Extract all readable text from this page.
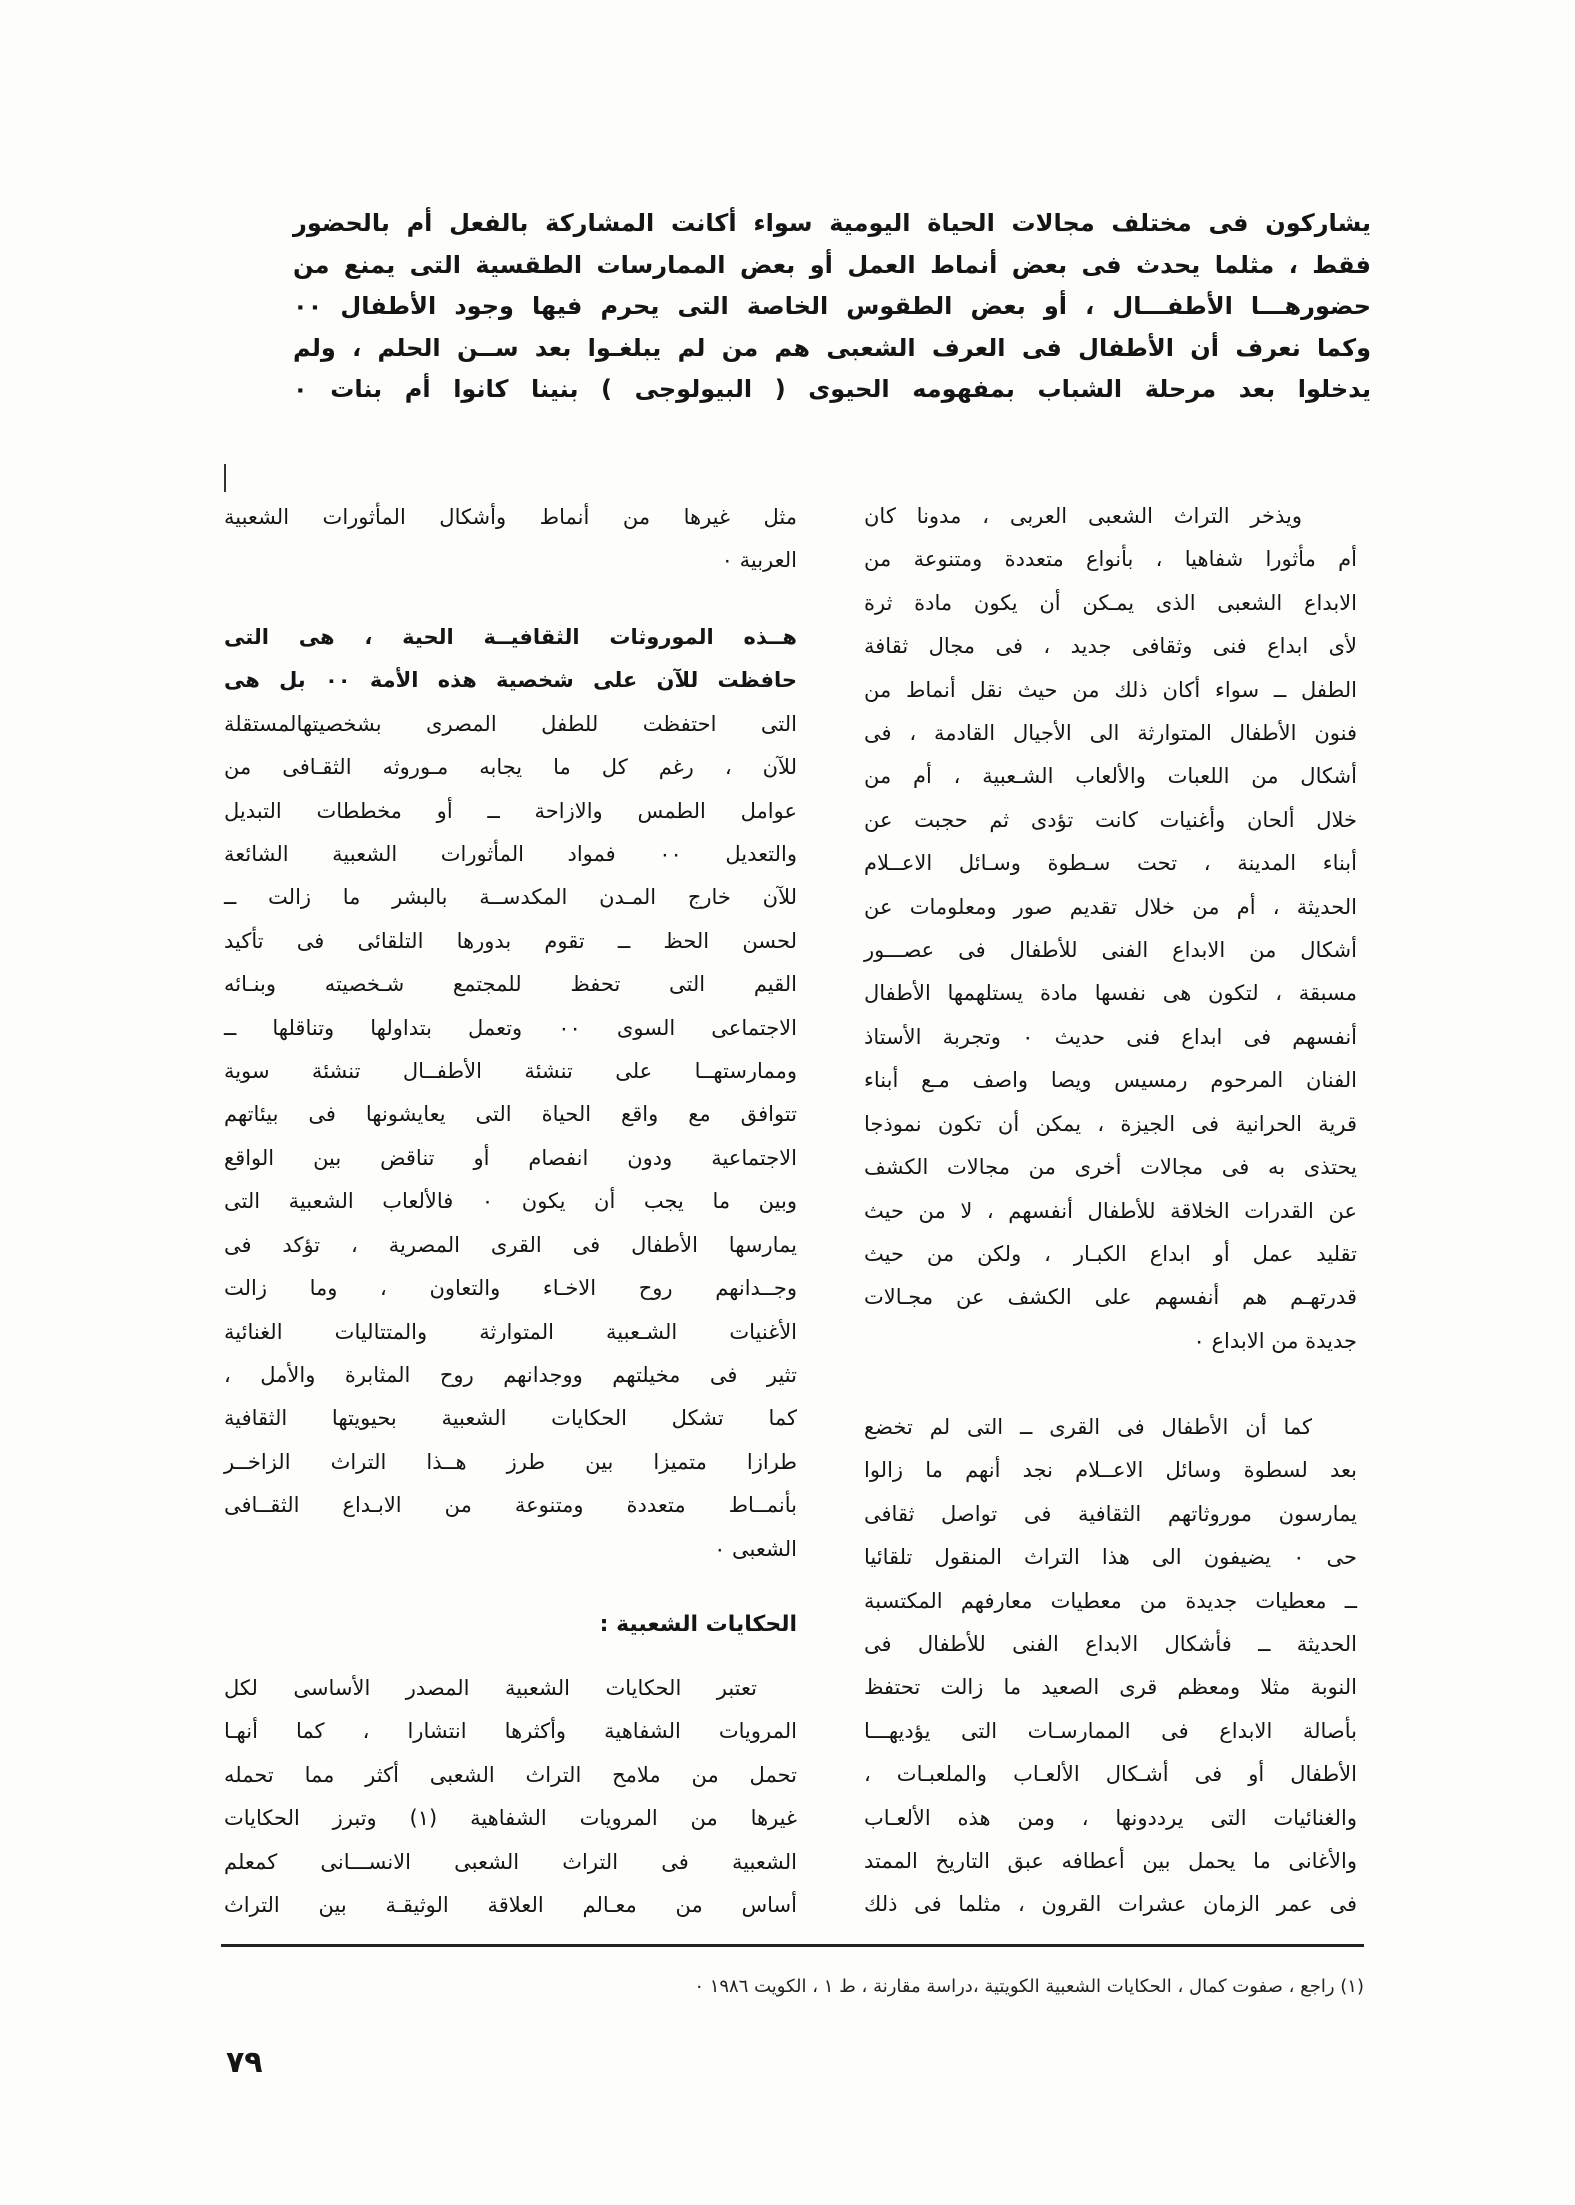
يشاركون فى مختلف مجالات الحياة اليومية سواء أكانت المشاركة بالفعل أم بالحضور
فقط ، مثلما يحدث فى بعض أنماط العمل أو بعض الممارسات الطقسية التى يمنع من
حضورهـــا الأطفـــال ، أو بعض الطقوس الخاصة التى يحرم فيها وجود الأطفال ٠٠
وكما نعرف أن الأطفال فى العرف الشعبى هم من لم يبلغـوا بعد ســن الحلم ، ولم
يدخلوا بعد مرحلة الشباب بمفهومه الحيوى ( البيولوجى ) بنينا كانوا أم بنات ٠
ويذخر التراث الشعبى العربى ، مدونا كان
أم مأثورا شفاهيا ، بأنواع متعددة ومتنوعة من
الابداع الشعبى الذى يمـكن أن يكون مادة ثرة
لأى ابداع فنى وثقافى جديد ، فى مجال ثقافة
الطفل ــ سواء أكان ذلك من حيث نقل أنماط من
فنون الأطفال المتوارثة الى الأجيال القادمة ، فى
أشكال من اللعبات والألعاب الشـعبية ، أم من
خلال ألحان وأغنيات كانت تؤدى ثم حجبت عن
أبناء المدينة ، تحت سـطوة وسـائل الاعــلام
الحديثة ، أم من خلال تقديم صور ومعلومات عن
أشكال من الابداع الفنى للأطفال فى عصـــور
مسبقة ، لتكون هى نفسها مادة يستلهمها الأطفال
أنفسهم فى ابداع فنى حديث ٠ وتجربة الأستاذ
الفنان المرحوم رمسيس ويصا واصف مـع أبناء
قرية الحرانية فى الجيزة ، يمكن أن تكون نموذجا
يحتذى به فى مجالات أخرى من مجالات الكشف
عن القدرات الخلاقة للأطفال أنفسهم ، لا من حيث
تقليد عمل أو ابداع الكبـار ، ولكن من حيث
قدرتهـم هم أنفسهم على الكشف عن مجـالات
جديدة من الابداع ٠
كما أن الأطفال فى القرى ــ التى لم تخضع
بعد لسطوة وسائل الاعــلام نجد أنهم ما زالوا
يمارسون موروثاتهم الثقافية فى تواصل ثقافى
حى ٠ يضيفون الى هذا التراث المنقول تلقائيا
ــ معطيات جديدة من معطيات معارفهم المكتسبة
الحديثة ــ فأشكال الابداع الفنى للأطفال فى
النوبة مثلا ومعظم قرى الصعيد ما زالت تحتفظ
بأصالة الابداع فى الممارسـات التى يؤديهـــا
الأطفال أو فى أشـكال الألعـاب والملعبـات ،
والغنائيات التى يرددونها ، ومن هذه الألعـاب
والأغانى ما يحمل بين أعطافه عبق التاريخ الممتد
فى عمر الزمان عشرات القرون ، مثلما فى ذلك
مثل غيرها من أنماط وأشكال المأثورات الشعبية
العربية ٠
هــذه الموروثات الثقافيــة الحية ، هى التى
حافظت للآن على شخصية هذه الأمة ٠٠ بل هى
التى احتفظت للطفل المصرى بشخصيتهالمستقلة
للآن ، رغم كل ما يجابه مـوروثه الثقـافى من
عوامل الطمس والازاحة ــ أو مخططات التبديل
والتعديل ٠٠ فمواد المأثورات الشعبية الشائعة
للآن خارج المـدن المكدســة بالبشر ما زالت ــ
لحسن الحظ ــ تقوم بدورها التلقائى فى تأكيد
القيم التى تحفظ للمجتمع شـخصيته وبنـائه
الاجتماعى السوى ٠٠ وتعمل بتداولها وتناقلها ــ
وممارستهــا على تنشئة الأطفــال تنشئة سوية
تتوافق مع واقع الحياة التى يعايشونها فى بيئاتهم
الاجتماعية ودون انفصام أو تناقض بين الواقع
وبين ما يجب أن يكون ٠ فالألعاب الشعبية التى
يمارسها الأطفال فى القرى المصرية ، تؤكد فى
وجــدانهم روح الاخـاء والتعاون ، وما زالت
الأغنيات الشـعبية المتوارثة والمتتاليات الغنائية
تثير فى مخيلتهم ووجدانهم روح المثابرة والأمل ،
كما تشكل الحكايات الشعبية بحيويتها الثقافية
طرازا متميزا بين طرز هــذا التراث الزاخــر
بأنمــاط متعددة ومتنوعة من الابـداع الثقــافى
الشعبى ٠
الحكايات الشعبية :
تعتبر الحكايات الشعبية المصدر الأساسى لكل
المرويات الشفاهية وأكثرها انتشارا ، كما أنهـا
تحمل من ملامح التراث الشعبى أكثر مما تحمله
غيرها من المرويات الشفاهية (١) وتبرز الحكايات
الشعبية فى التراث الشعبى الانســـانى كمعلم
أساس من معـالم العلاقة الوثيقـة بين التراث
(١) راجع ، صفوت كمال ، الحكايات الشعبية الكويتية ،دراسة مقارنة ، ط ١ ، الكويت ١٩٨٦ ٠
٧٩
